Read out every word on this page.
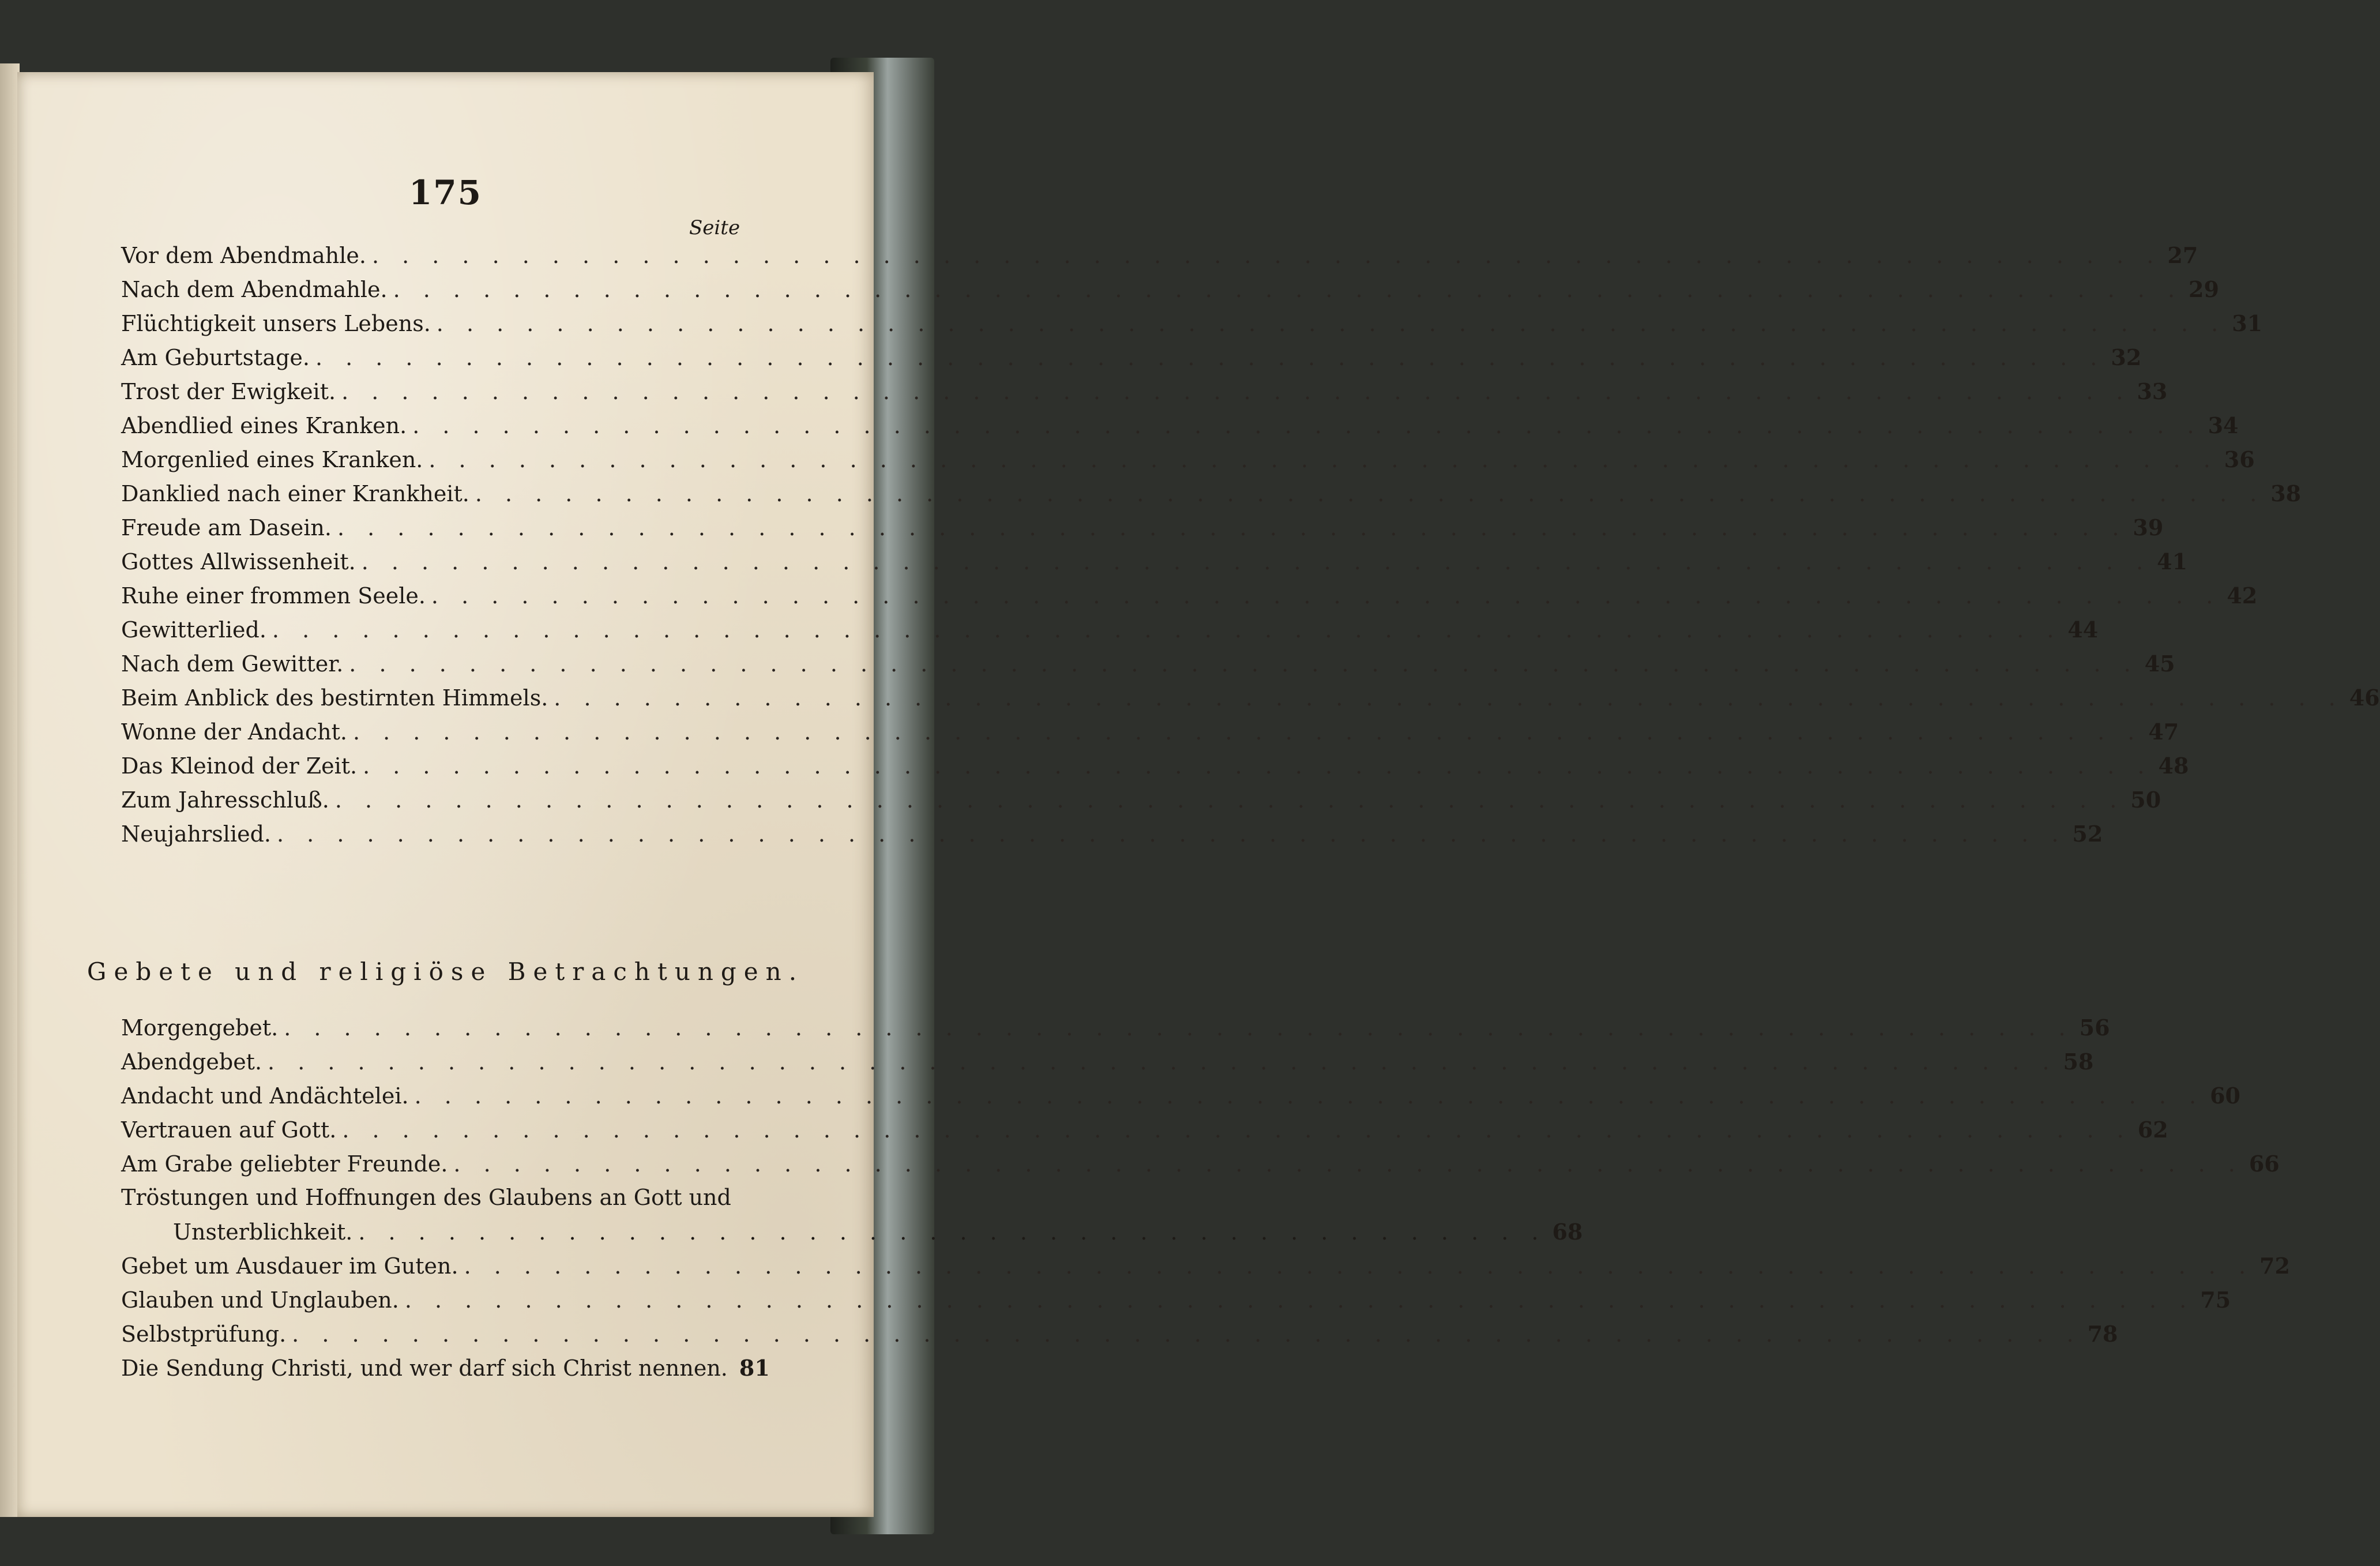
175
Seite
Vor dem Abendmahle. . . . . . . . . . . . . . . . . . . . . . . . . . . . . . . . . . . . . . . . . . . . . . . . . . . . . . . . . . . . . 27
Nach dem Abendmahle. . . . . . . . . . . . . . . . . . . . . . . . . . . . . . . . . . . . . . . . . . . . . . . . . . . . . . . . . . . . . 29
Flüchtigkeit unsers Lebens. . . . . . . . . . . . . . . . . . . . . . . . . . . . . . . . . . . . . . . . . . . . . . . . . . . . . . . . . . . . . 31
Am Geburtstage. . . . . . . . . . . . . . . . . . . . . . . . . . . . . . . . . . . . . . . . . . . . . . . . . . . . . . . . . . . . . 32
Trost der Ewigkeit. . . . . . . . . . . . . . . . . . . . . . . . . . . . . . . . . . . . . . . . . . . . . . . . . . . . . . . . . . . . . 33
Abendlied eines Kranken. . . . . . . . . . . . . . . . . . . . . . . . . . . . . . . . . . . . . . . . . . . . . . . . . . . . . . . . . . . . . 34
Morgenlied eines Kranken. . . . . . . . . . . . . . . . . . . . . . . . . . . . . . . . . . . . . . . . . . . . . . . . . . . . . . . . . . . . . 36
Danklied nach einer Krankheit. . . . . . . . . . . . . . . . . . . . . . . . . . . . . . . . . . . . . . . . . . . . . . . . . . . . . . . . . . . . . 38
Freude am Dasein. . . . . . . . . . . . . . . . . . . . . . . . . . . . . . . . . . . . . . . . . . . . . . . . . . . . . . . . . . . . . 39
Gottes Allwissenheit. . . . . . . . . . . . . . . . . . . . . . . . . . . . . . . . . . . . . . . . . . . . . . . . . . . . . . . . . . . . . 41
Ruhe einer frommen Seele. . . . . . . . . . . . . . . . . . . . . . . . . . . . . . . . . . . . . . . . . . . . . . . . . . . . . . . . . . . . . 42
Gewitterlied. . . . . . . . . . . . . . . . . . . . . . . . . . . . . . . . . . . . . . . . . . . . . . . . . . . . . . . . . . . . . 44
Nach dem Gewitter. . . . . . . . . . . . . . . . . . . . . . . . . . . . . . . . . . . . . . . . . . . . . . . . . . . . . . . . . . . . . 45
Beim Anblick des bestirnten Himmels. . . . . . . . . . . . . . . . . . . . . . . . . . . . . . . . . . . . . . . . . . . . . . . . . . . . . . . . . . . . . 46
Wonne der Andacht. . . . . . . . . . . . . . . . . . . . . . . . . . . . . . . . . . . . . . . . . . . . . . . . . . . . . . . . . . . . . 47
Das Kleinod der Zeit. . . . . . . . . . . . . . . . . . . . . . . . . . . . . . . . . . . . . . . . . . . . . . . . . . . . . . . . . . . . . 48
Zum Jahresschluß. . . . . . . . . . . . . . . . . . . . . . . . . . . . . . . . . . . . . . . . . . . . . . . . . . . . . . . . . . . . . 50
Neujahrslied. . . . . . . . . . . . . . . . . . . . . . . . . . . . . . . . . . . . . . . . . . . . . . . . . . . . . . . . . . . . . 52
Gebete und religiöse Betrachtungen.
Morgengebet. . . . . . . . . . . . . . . . . . . . . . . . . . . . . . . . . . . . . . . . . . . . . . . . . . . . . . . . . . . . . 56
Abendgebet. . . . . . . . . . . . . . . . . . . . . . . . . . . . . . . . . . . . . . . . . . . . . . . . . . . . . . . . . . . . . 58
Andacht und Andächtelei. . . . . . . . . . . . . . . . . . . . . . . . . . . . . . . . . . . . . . . . . . . . . . . . . . . . . . . . . . . . . 60
Vertrauen auf Gott. . . . . . . . . . . . . . . . . . . . . . . . . . . . . . . . . . . . . . . . . . . . . . . . . . . . . . . . . . . . . 62
Am Grabe geliebter Freunde. . . . . . . . . . . . . . . . . . . . . . . . . . . . . . . . . . . . . . . . . . . . . . . . . . . . . . . . . . . . . 66
Tröstungen und Hoffnungen des Glaubens an Gott und
Unsterblichkeit. . . . . . . . . . . . . . . . . . . . . . . . . . . . . . . . . . . . . . . . . 68
Gebet um Ausdauer im Guten. . . . . . . . . . . . . . . . . . . . . . . . . . . . . . . . . . . . . . . . . . . . . . . . . . . . . . . . . . . . . 72
Glauben und Unglauben. . . . . . . . . . . . . . . . . . . . . . . . . . . . . . . . . . . . . . . . . . . . . . . . . . . . . . . . . . . . . 75
Selbstprüfung. . . . . . . . . . . . . . . . . . . . . . . . . . . . . . . . . . . . . . . . . . . . . . . . . . . . . . . . . . . . . 78
Die Sendung Christi, und wer darf sich Christ nennen. 81
